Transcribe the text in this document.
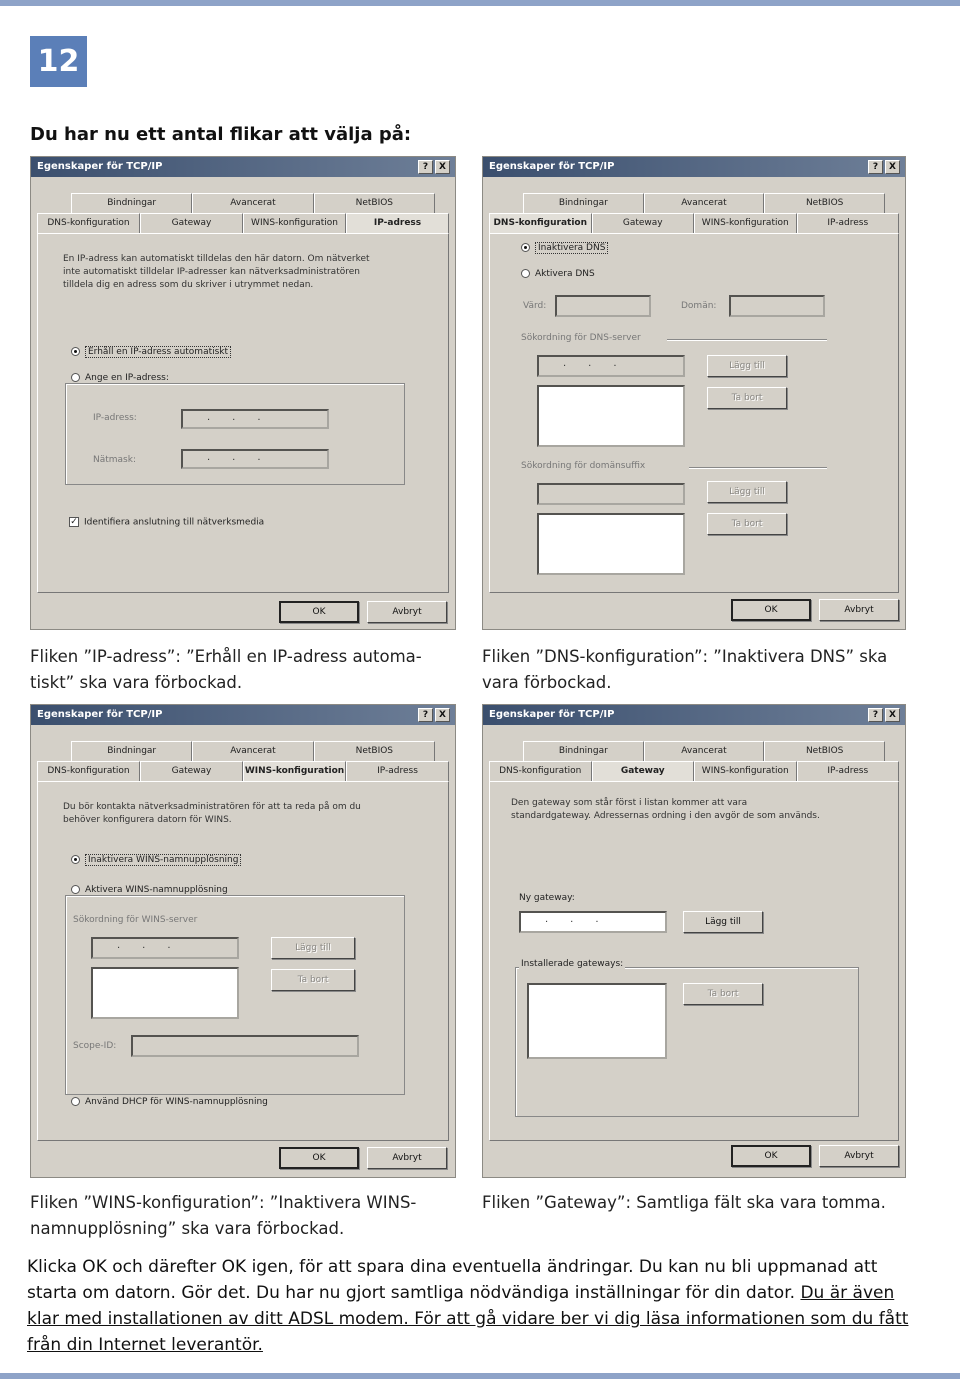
12
Du har nu ett antal flikar att välja på:
Egenskaper för TCP/IP	?	X
Bindningar	Avancerat	NetBIOS
DNS-konfiguration	Gateway	WINS-konfiguration	IP-adress
En IP-adress kan automatiskt tilldelas den här datorn. Om nätverket inte automatiskt tilldelar IP-adresser kan nätverksadministratören tilldela dig en adress som du skriver i utrymmet nedan.
Erhåll en IP-adress automatiskt
Ange en IP-adress:
IP-adress:	...
Nätmask:	...
✓ Identifiera anslutning till nätverksmedia
OK	Avbryt
Egenskaper för TCP/IP	?	X
Bindningar	Avancerat	NetBIOS
DNS-konfiguration	Gateway	WINS-konfiguration	IP-adress
Inaktivera DNS
Aktivera DNS
Värd:	Domän:
Sökordning för DNS-server
...	Lägg till
Ta bort
Sökordning för domänsuffix
Lägg till
Ta bort
OK	Avbryt
Fliken ”IP-adress”: ”Erhåll en IP-adress automa-tiskt” ska vara förbockad.
Fliken ”DNS-konfiguration”: ”Inaktivera DNS” ska vara förbockad.
Egenskaper för TCP/IP	?	X
Bindningar	Avancerat	NetBIOS
DNS-konfiguration	Gateway	WINS-konfiguration	IP-adress
Du bör kontakta nätverksadministratören för att ta reda på om du behöver konfigurera datorn för WINS.
Inaktivera WINS-namnupplösning
Aktivera WINS-namnupplösning
Sökordning för WINS-server
...	Lägg till
Ta bort
Scope-ID:
Använd DHCP för WINS-namnupplösning
OK	Avbryt
Egenskaper för TCP/IP	?	X
Bindningar	Avancerat	NetBIOS
DNS-konfiguration	Gateway	WINS-konfiguration	IP-adress
Den gateway som står först i listan kommer att vara standardgateway. Adressernas ordning i den avgör de som används.
Ny gateway:
...	Lägg till
Installerade gateways:
Ta bort
OK	Avbryt
Fliken ”WINS-konfiguration”: ”Inaktivera WINS-namnupplösning” ska vara förbockad.
Fliken ”Gateway”: Samtliga fält ska vara tomma.
Klicka OK och därefter OK igen, för att spara dina eventuella ändringar. Du kan nu bli uppmanad att starta om datorn. Gör det. Du har nu gjort samtliga nödvändiga inställningar för din dator. Du är även klar med installationen av ditt ADSL modem. För att gå vidare ber vi dig läsa informationen som du fått från din Internet leverantör.
